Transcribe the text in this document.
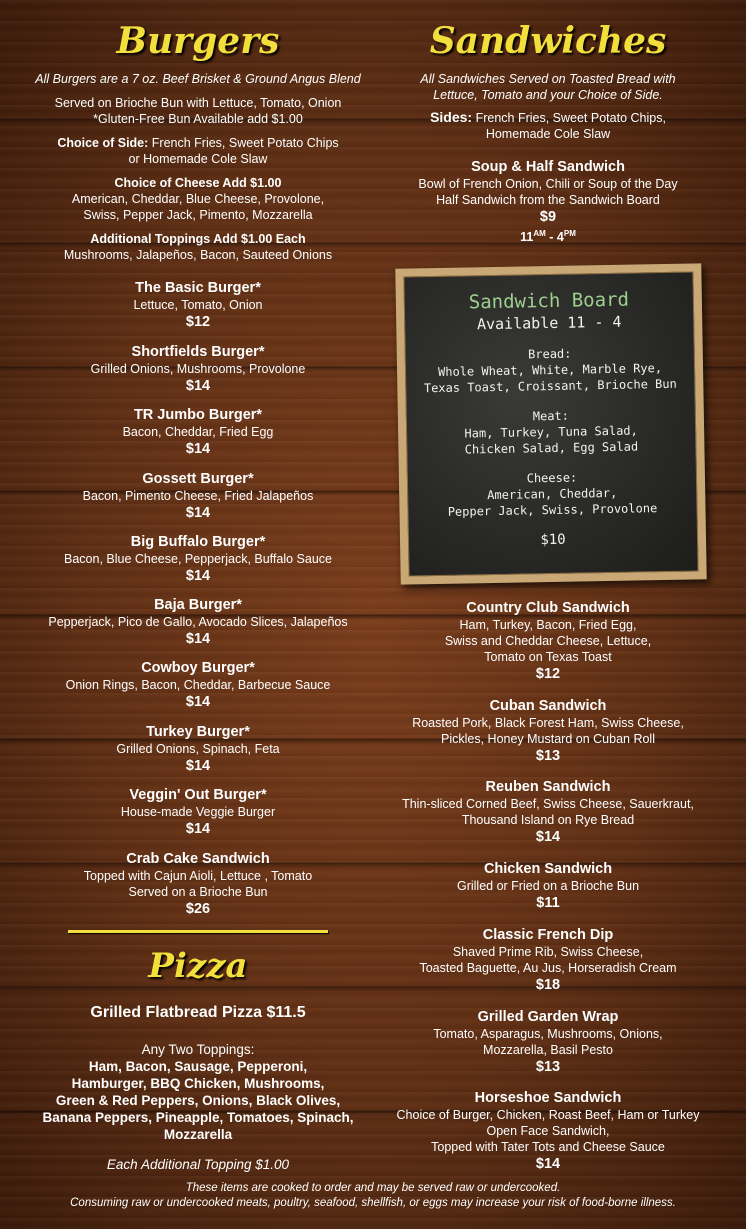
Burgers
All Burgers are a 7 oz. Beef Brisket & Ground Angus Blend
Served on Brioche Bun with Lettuce, Tomato, Onion
*Gluten-Free Bun Available add $1.00
Choice of Side: French Fries, Sweet Potato Chips
or Homemade Cole Slaw
Choice of Cheese Add $1.00
American, Cheddar, Blue Cheese, Provolone,
Swiss, Pepper Jack, Pimento, Mozzarella
Additional Toppings Add $1.00 Each
Mushrooms, Jalapeños, Bacon, Sauteed Onions
The Basic Burger*
Lettuce, Tomato, Onion
$12
Shortfields Burger*
Grilled Onions, Mushrooms, Provolone
$14
TR Jumbo Burger*
Bacon, Cheddar, Fried Egg
$14
Gossett Burger*
Bacon, Pimento Cheese, Fried Jalapeños
$14
Big Buffalo Burger*
Bacon, Blue Cheese, Pepperjack, Buffalo Sauce
$14
Baja Burger*
Pepperjack, Pico de Gallo, Avocado Slices, Jalapeños
$14
Cowboy Burger*
Onion Rings, Bacon, Cheddar, Barbecue Sauce
$14
Turkey Burger*
Grilled Onions, Spinach, Feta
$14
Veggin' Out Burger*
House-made Veggie Burger
$14
Crab Cake Sandwich
Topped with Cajun Aioli, Lettuce , Tomato
Served on a Brioche Bun
$26
Pizza
Grilled Flatbread Pizza $11.5
Any Two Toppings:
Ham, Bacon, Sausage, Pepperoni,
Hamburger, BBQ Chicken, Mushrooms,
Green & Red Peppers, Onions, Black Olives,
Banana Peppers, Pineapple, Tomatoes, Spinach,
Mozzarella
Each Additional Topping $1.00
Sandwiches
All Sandwiches Served on Toasted Bread with
Lettuce, Tomato and your Choice of Side.
Sides: French Fries, Sweet Potato Chips,
Homemade Cole Slaw
Soup & Half Sandwich
Bowl of French Onion, Chili or Soup of the Day
Half Sandwich from the Sandwich Board
$9
$11^{AM} - 4^{PM}$
Country Club Sandwich
Ham, Turkey, Bacon, Fried Egg,
Swiss and Cheddar Cheese, Lettuce,
Tomato on Texas Toast
$12
Cuban Sandwich
Roasted Pork, Black Forest Ham, Swiss Cheese,
Pickles, Honey Mustard on Cuban Roll
$13
Reuben Sandwich
Thin-sliced Corned Beef, Swiss Cheese, Sauerkraut,
Thousand Island on Rye Bread
$14
Chicken Sandwich
Grilled or Fried on a Brioche Bun
$11
Classic French Dip
Shaved Prime Rib, Swiss Cheese,
Toasted Baguette, Au Jus, Horseradish Cream
$18
Grilled Garden Wrap
Tomato, Asparagus, Mushrooms, Onions,
Mozzarella, Basil Pesto
$13
Horseshoe Sandwich
Choice of Burger, Chicken, Roast Beef, Ham or Turkey
Open Face Sandwich,
Topped with Tater Tots and Cheese Sauce
$14
Sandwich Board
Available 11 - 4
Bread:
Whole Wheat, White, Marble Rye,
Texas Toast, Croissant, Brioche Bun
Meat:
Ham, Turkey, Tuna Salad,
Chicken Salad, Egg Salad
Cheese:
American, Cheddar,
Pepper Jack, Swiss, Provolone
$10
These items are cooked to order and may be served raw or undercooked.
Consuming raw or undercooked meats, poultry, seafood, shellfish, or eggs may increase your risk of food-borne illness.
